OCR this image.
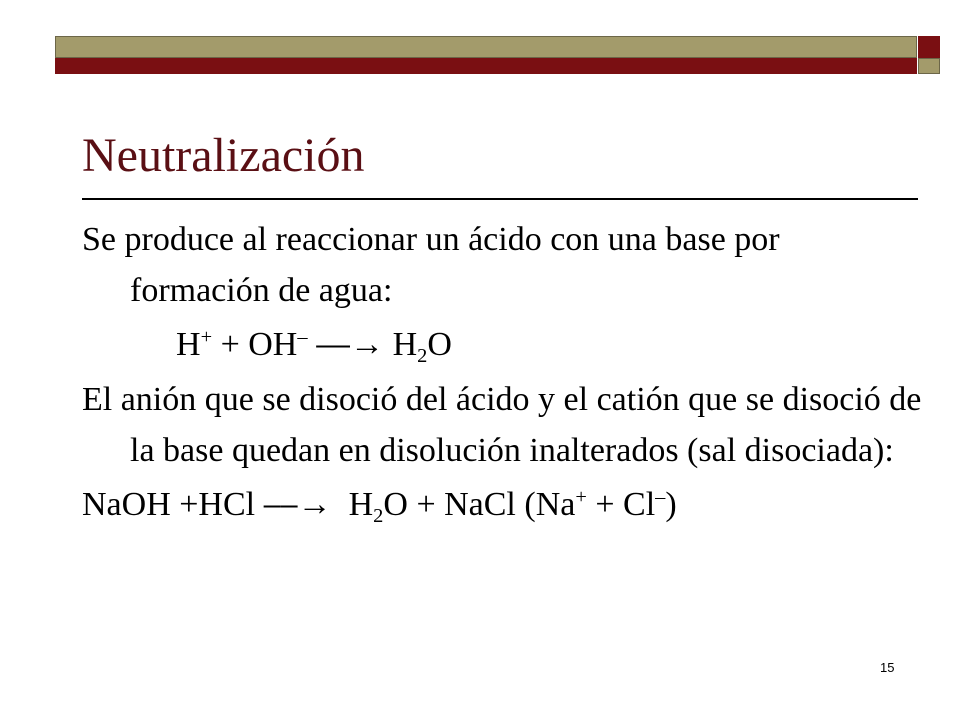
Neutralización

Se produce al reaccionar un ácido con una base por formación de agua:

H+ + OH– ⎯⎯→ $H_2O$

El anión que se disoció del ácido y el catión que se disoció de la base quedan en disolución inalterados (sal disociada):

NaOH +HCl ⎯⎯→  $H_2O$ + NaCl (Na+ + Cl–)

15
